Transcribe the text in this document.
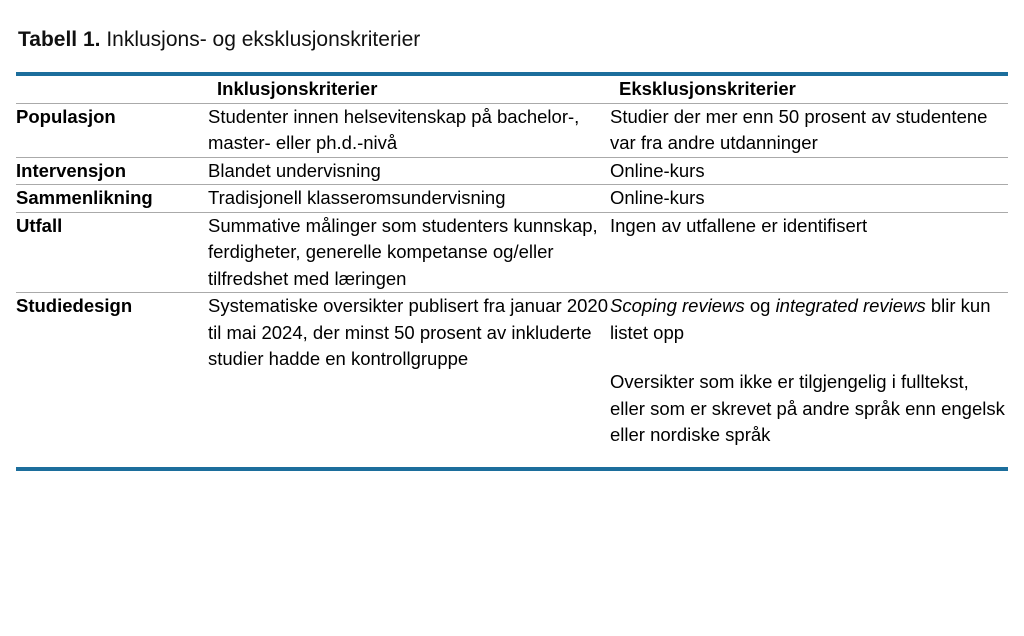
Tabell 1. Inklusjons- og eksklusjonskriterier
	Inklusjonskriterier	Eksklusjonskriterier
Populasjon	Studenter innen helsevitenskap på bachelor-, master- eller ph.d.-nivå	Studier der mer enn 50 prosent av studentene var fra andre utdanninger
Intervensjon	Blandet undervisning	Online-kurs
Sammenlikning	Tradisjonell klasseromsundervisning	Online-kurs
Utfall	Summative målinger som studenters kunnskap, ferdigheter, generelle kompetanse og/eller tilfredshet med læringen	Ingen av utfallene er identifisert
Studiedesign	Systematiske oversikter publisert fra januar 2020 til mai 2024, der minst 50 prosent av inkluderte studier hadde en kontrollgruppe	Scoping reviews og integrated reviews blir kun listet opp

Oversikter som ikke er tilgjengelig i fulltekst, eller som er skrevet på andre språk enn engelsk eller nordiske språk
